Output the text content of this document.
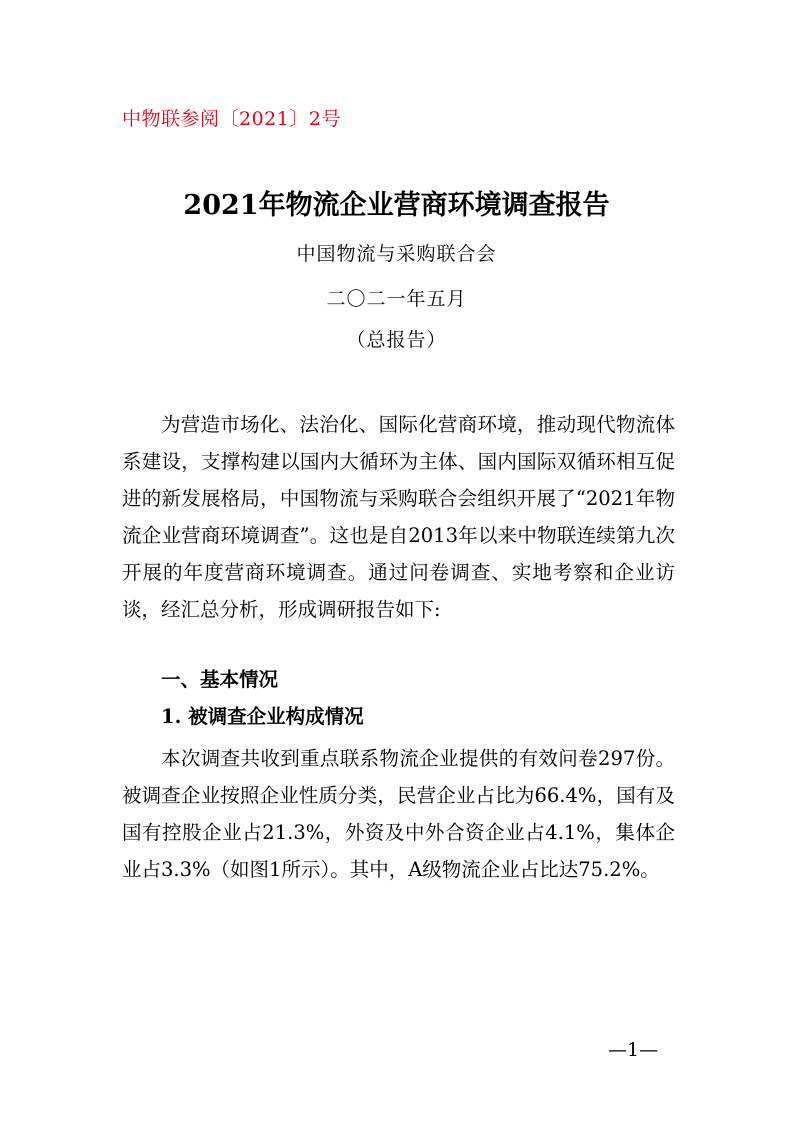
中物联参阅〔2021〕2号
2021年物流企业营商环境调查报告
中国物流与采购联合会
二〇二一年五月
（总报告）

为营造市场化、法治化、国际化营商环境，推动现代物流体系建设，支撑构建以国内大循环为主体、国内国际双循环相互促进的新发展格局，中国物流与采购联合会组织开展了“2021年物流企业营商环境调查”。这也是自2013年以来中物联连续第九次开展的年度营商环境调查。通过问卷调查、实地考察和企业访谈，经汇总分析，形成调研报告如下:

一、基本情况
1. 被调查企业构成情况

本次调查共收到重点联系物流企业提供的有效问卷297份。被调查企业按照企业性质分类，民营企业占比为66.4%，国有及国有控股企业占21.3%，外资及中外合资企业占4.1%，集体企业占3.3%（如图1所示）。其中，A级物流企业占比达75.2%。

—1—
